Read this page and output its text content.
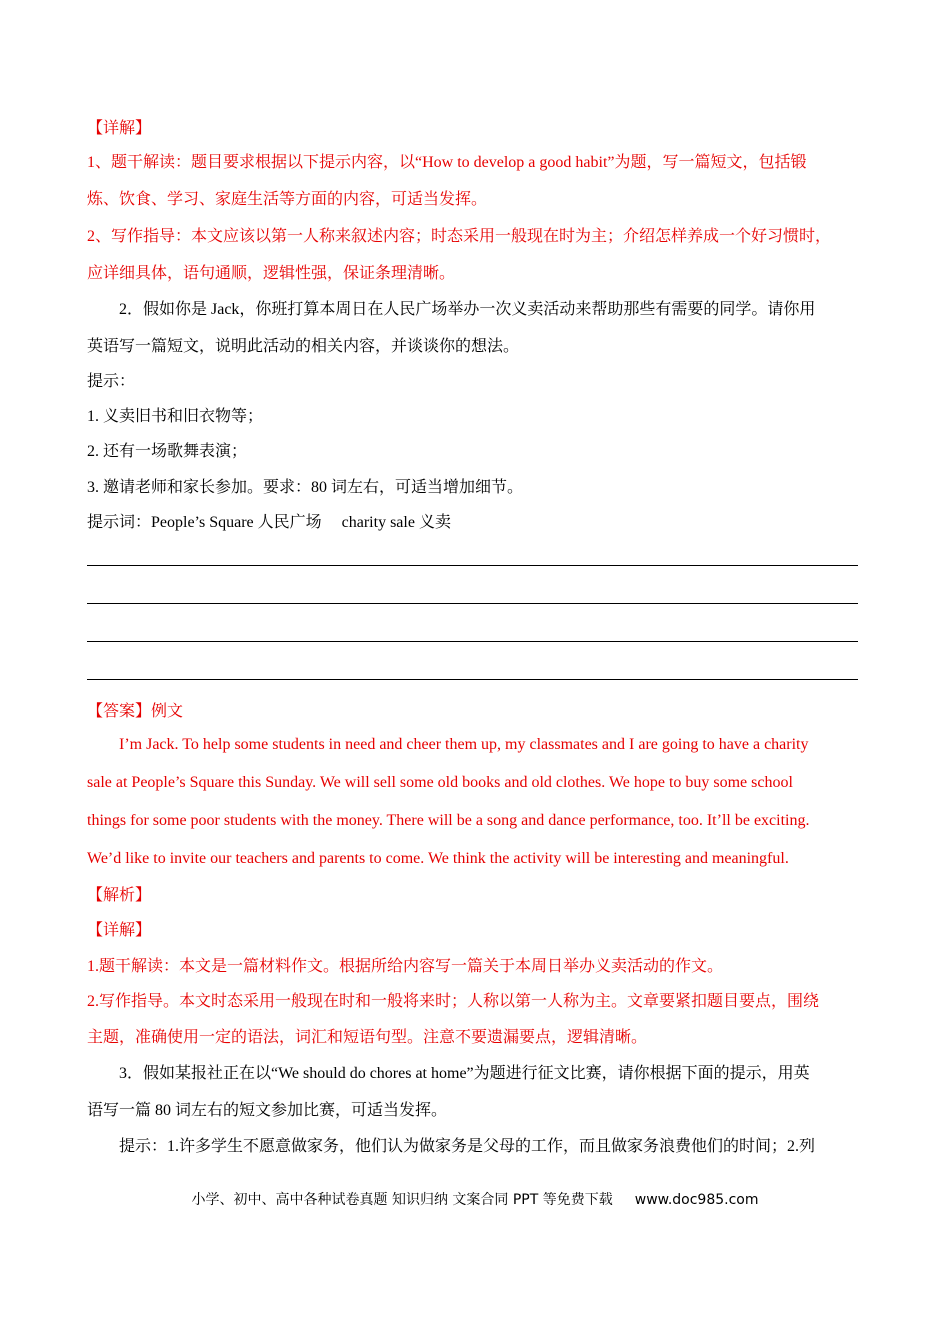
【详解】
1、题干解读：题目要求根据以下提示内容，以“How to develop a good habit”为题，写一篇短文，包括锻
炼、饮食、学习、家庭生活等方面的内容，可适当发挥。
2、写作指导：本文应该以第一人称来叙述内容；时态采用一般现在时为主；介绍怎样养成一个好习惯时，
应详细具体，语句通顺，逻辑性强，保证条理清晰。
2．假如你是 Jack，你班打算本周日在人民广场举办一次义卖活动来帮助那些有需要的同学。请你用
英语写一篇短文，说明此活动的相关内容，并谈谈你的想法。
提示：
1. 义卖旧书和旧衣物等；
2. 还有一场歌舞表演；
3. 邀请老师和家长参加。要求：80 词左右，可适当增加细节。
提示词：People’s Square 人民广场     charity sale 义卖
【答案】例文
I’m Jack. To help some students in need and cheer them up, my classmates and I are going to have a charity
sale at People’s Square this Sunday. We will sell some old books and old clothes. We hope to buy some school
things for some poor students with the money. There will be a song and dance performance, too. It’ll be exciting.
We’d like to invite our teachers and parents to come. We think the activity will be interesting and meaningful.
【解析】
【详解】
1.题干解读：本文是一篇材料作文。根据所给内容写一篇关于本周日举办义卖活动的作文。
2.写作指导。本文时态采用一般现在时和一般将来时；人称以第一人称为主。文章要紧扣题目要点，围绕
主题，准确使用一定的语法，词汇和短语句型。注意不要遗漏要点，逻辑清晰。
3．假如某报社正在以“We should do chores at home”为题进行征文比赛，请你根据下面的提示，用英
语写一篇 80 词左右的短文参加比赛，可适当发挥。
提示：1.许多学生不愿意做家务，他们认为做家务是父母的工作，而且做家务浪费他们的时间；2.列
小学、初中、高中各种试卷真题 知识归纳 文案合同 PPT 等免费下载 www.doc985.com
